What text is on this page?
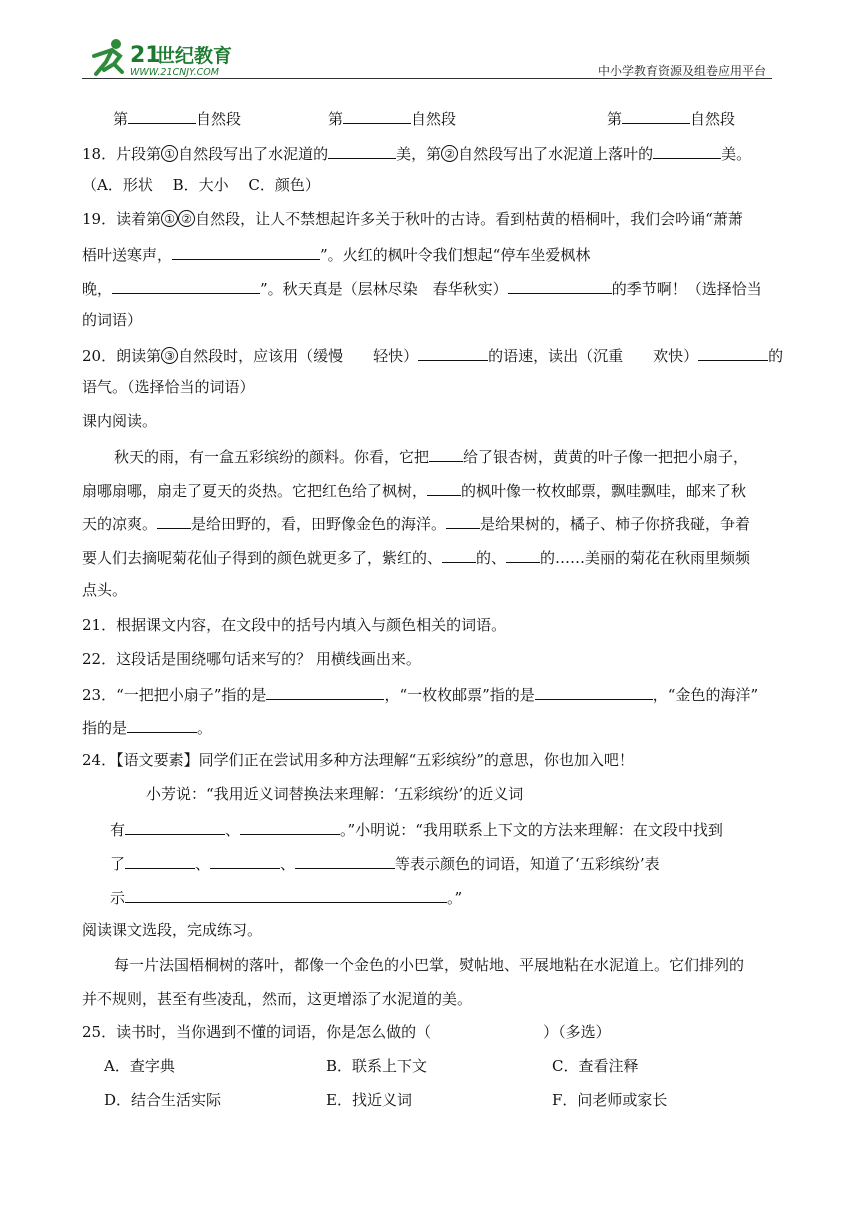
21
世纪教育
WWW.21CNJY.COM	中小学教育资源及组卷应用平台
第	自然段	第	自然段	第	自然段
18．片段第 ① 自然段写出了水泥道的	美，第 ② 自然段写出了水泥道上落叶的	美。
（A．形状　 B．大小　 C．颜色）
19．读着第 ① ② 自然段，让人不禁想起许多关于秋叶的古诗。看到枯黄的梧桐叶，我们会吟诵“萧萧
梧叶送寒声，	”。火红的枫叶令我们想起“停车坐爱枫林
晚，	”。秋天真是（层林尽染　春华秋实）	的季节啊！（选择恰当
的词语）
20．朗读第 ③ 自然段时，应该用（缓慢　　轻快）	的语速，读出（沉重　　欢快）	的
语气。（选择恰当的词语）
课内阅读。
秋天的雨，有一盒五彩缤纷的颜料。你看，它把 给了银杏树，黄黄的叶子像一把把小扇子，
扇哪扇哪，扇走了夏天的炎热。它把红色给了枫树， 的枫叶像一枚枚邮票，飘哇飘哇，邮来了秋
天的凉爽。 是给田野的，看，田野像金色的海洋。 是给果树的，橘子、柿子你挤我碰，争着
要人们去摘呢菊花仙子得到的颜色就更多了，紫红的、 的、 的……美丽的菊花在秋雨里频频
点头。
21．根据课文内容，在文段中的括号内填入与颜色相关的词语。
22．这段话是围绕哪句话来写的？ 用横线画出来。
23．“一把把小扇子”指的是	，“一枚枚邮票”指的是	，“金色的海洋”
指的是	。
24．【语文要素】同学们正在尝试用多种方法理解“五彩缤纷”的意思，你也加入吧！
小芳说：“我用近义词替换法来理解：‘五彩缤纷’的近义词
有	、	。”小明说：“我用联系上下文的方法来理解：在文段中找到
了	、	、	等表示颜色的词语，知道了‘五彩缤纷’表
示	。”
阅读课文选段，完成练习。
每一片法国梧桐树的落叶，都像一个金色的小巴掌，熨帖地、平展地粘在水泥道上。它们排列的
并不规则，甚至有些凌乱，然而，这更增添了水泥道的美。
25．读书时，当你遇到不懂的词语，你是怎么做的（	）（多选）
A．查字典	B．联系上下文	C．查看注释
D．结合生活实际	E．找近义词	F．问老师或家长
